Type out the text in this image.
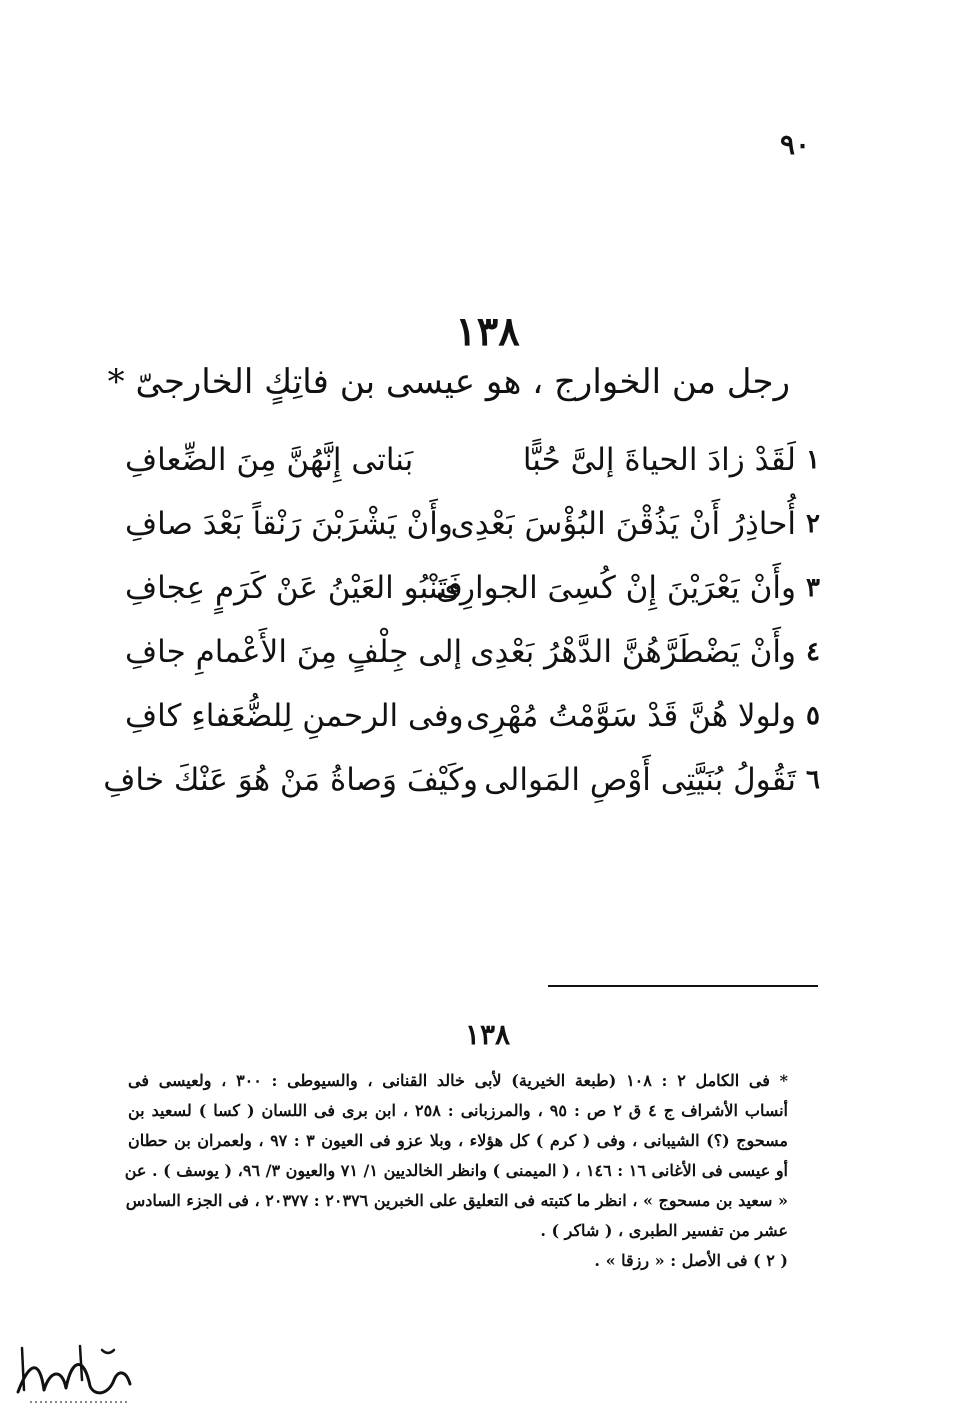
٩٠
١٣٨
رجل من الخوارج ، هو عيسى بن فاتِكٍ الخارجىّ *
١
لَقَدْ زادَ الحياةَ إلىَّ حُبًّا
بَناتى إِنَّهُنَّ مِنَ الضِّعافِ
٢
أُحاذِرُ أَنْ يَذُقْنَ البُؤْسَ بَعْدِى
وأَنْ يَشْرَبْنَ رَنْقاً بَعْدَ صافِ
٣
وأَنْ يَعْرَيْنَ إِنْ كُسِىَ الجوارِى
فَتَنْبُو العَيْنُ عَنْ كَرَمٍ عِجافِ
٤
وأَنْ يَضْطَرَّهُنَّ الدَّهْرُ بَعْدِى
إلى جِلْفٍ مِنَ الأَعْمامِ جافِ
٥
ولولا هُنَّ قَدْ سَوَّمْتُ مُهْرِى
وفى الرحمنِ لِلضُّعَفاءِ كافِ
٦
تَقُولُ بُنَيَّتِى أَوْصِ المَوالى
وكَيْفَ وَصاةُ مَنْ هُوَ عَنْكَ خافِ
١٣٨
* فى الكامل ٢ : ١٠٨ (طبعة الخيرية) لأبى خالد القنانى ، والسيوطى : ٣٠٠ ، ولعيسى فى
أنساب الأشراف ج ٤ ق ٢ ص : ٩٥ ، والمرزبانى : ٢٥٨ ، ابن برى فى اللسان ( كسا ) لسعيد بن
مسحوج (؟) الشيبانى ، وفى ( كرم ) كل هؤلاء ، وبلا عزو فى العيون ٣ : ٩٧ ، ولعمران بن حطان
أو عيسى فى الأغانى ١٦ : ١٤٦ ، ( الميمنى ) وانظر الخالديين ١/ ٧١ والعيون ٣/ ٩٦، ( يوسف ) . عن
« سعيد بن مسحوج » ، انظر ما كتبته فى التعليق على الخبرين ٢٠٣٧٦ : ٢٠٣٧٧ ، فى الجزء السادس
عشر من تفسير الطبرى ، ( شاكر ) .
( ٢ ) فى الأصل : « رزقا » .
